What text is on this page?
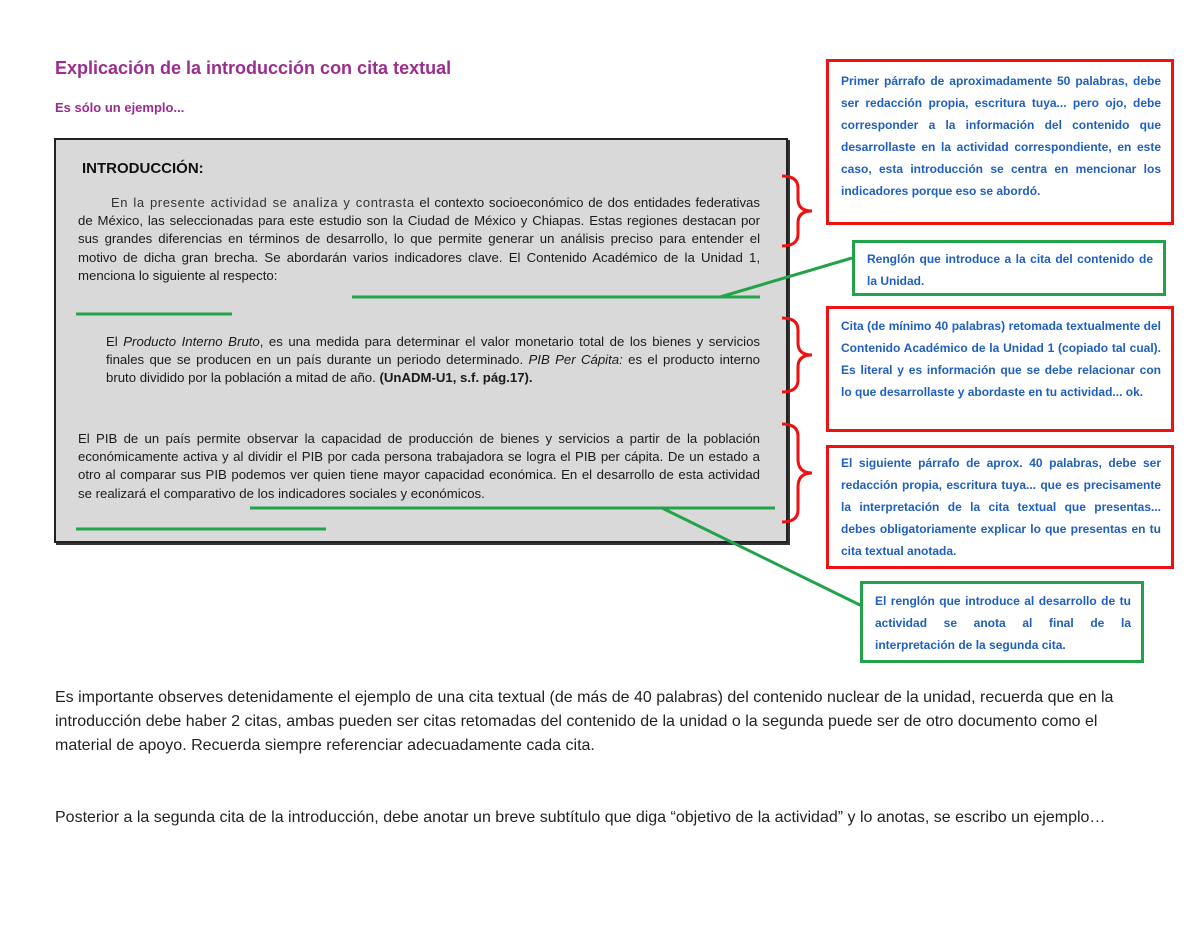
Explicación de la introducción con cita textual
Es sólo un ejemplo...
INTRODUCCIÓN:

En la presente actividad se analiza y contrasta el contexto socioeconómico de dos entidades federativas de México, las seleccionadas para este estudio son la Ciudad de México y Chiapas. Estas regiones destacan por sus grandes diferencias en términos de desarrollo, lo que permite generar un análisis preciso para entender el motivo de dicha gran brecha. Se abordarán varios indicadores clave. El Contenido Académico de la Unidad 1, menciona lo siguiente al respecto:

El Producto Interno Bruto, es una medida para determinar el valor monetario total de los bienes y servicios finales que se producen en un país durante un periodo determinado. PIB Per Cápita: es el producto interno bruto dividido por la población a mitad de año. (UnADM-U1, s.f. pág.17).

El PIB de un país permite observar la capacidad de producción de bienes y servicios a partir de la población económicamente activa y al dividir el PIB por cada persona trabajadora se logra el PIB per cápita. De un estado a otro al comparar sus PIB podemos ver quien tiene mayor capacidad económica. En el desarrollo de esta actividad se realizará el comparativo de los indicadores sociales y económicos.

Primer párrafo de aproximadamente 50 palabras, debe ser redacción propia, escritura tuya... pero ojo, debe corresponder a la información del contenido que desarrollaste en la actividad correspondiente, en este caso, esta introducción se centra en mencionar los indicadores porque eso se abordó.
Renglón que introduce a la cita del contenido de la Unidad.
Cita (de mínimo 40 palabras) retomada textualmente del Contenido Académico de la Unidad 1 (copiado tal cual). Es literal y es información que se debe relacionar con lo que desarrollaste y abordaste en tu actividad... ok.
El siguiente párrafo de aprox. 40 palabras, debe ser redacción propia, escritura tuya... que es precisamente la interpretación de la cita textual que presentas... debes obligatoriamente explicar lo que presentas en tu cita textual anotada.
El renglón que introduce al desarrollo de tu actividad se anota al final de la interpretación de la segunda cita.

Es importante observes detenidamente el ejemplo de una cita textual (de más de 40 palabras) del contenido nuclear de la unidad, recuerda que en la introducción debe haber 2 citas, ambas pueden ser citas retomadas del contenido de la unidad o la segunda puede ser de otro documento como el material de apoyo. Recuerda siempre referenciar adecuadamente cada cita.

Posterior a la segunda cita de la introducción, debe anotar un breve subtítulo que diga “objetivo de la actividad” y lo anotas, se escribo un ejemplo…
